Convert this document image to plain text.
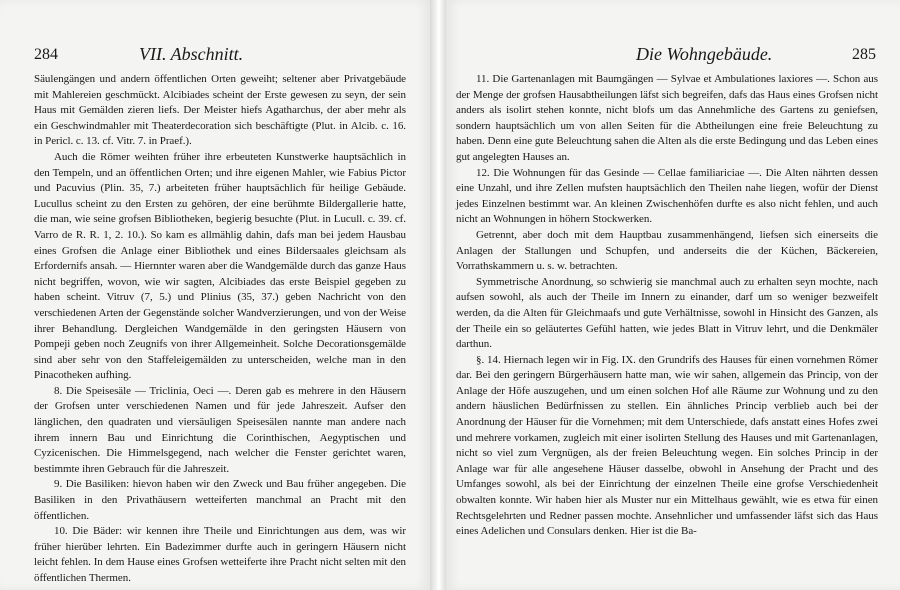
284	VII. Abschnitt.

Säulengängen und andern öffentlichen Orten geweiht; seltener aber Privatgebäude mit Mahlereien geschmückt. Alcibiades scheint der Erste gewesen zu seyn, der sein Haus mit Gemälden zieren liefs. Der Meister hiefs Agatharchus, der aber mehr als ein Geschwindmahler mit Theaterdecoration sich beschäftigte (Plut. in Alcib. c. 16. in Pericl. c. 13. cf. Vitr. 7. in Praef.).

Auch die Römer weihten früher ihre erbeuteten Kunstwerke hauptsächlich in den Tempeln, und an öffentlichen Orten; und ihre eigenen Mahler, wie Fabius Pictor und Pacuvius (Plin. 35, 7.) arbeiteten früher hauptsächlich für heilige Gebäude. Lucullus scheint zu den Ersten zu gehören, der eine berühmte Bildergallerie hatte, die man, wie seine grofsen Bibliotheken, begierig besuchte (Plut. in Lucull. c. 39. cf. Varro de R. R. 1, 2. 10.). So kam es allmählig dahin, dafs man bei jedem Hausbau eines Grofsen die Anlage einer Bibliothek und eines Bildersaales gleichsam als Erfordernifs ansah. — Hiernnter waren aber die Wandgemälde durch das ganze Haus nicht begriffen, wovon, wie wir sagten, Alcibiades das erste Beispiel gegeben zu haben scheint. Vitruv (7, 5.) und Plinius (35, 37.) geben Nachricht von den verschiedenen Arten der Gegenstände solcher Wandverzierungen, und von der Weise ihrer Behandlung. Dergleichen Wandgemälde in den geringsten Häusern von Pompeji geben noch Zeugnifs von ihrer Allgemeinheit. Solche Decorationsgemälde sind aber sehr von den Staffeleigemälden zu unterscheiden, welche man in den Pinacotheken aufhing.

8. Die Speisesäle — Triclinia, Oeci —. Deren gab es mehrere in den Häusern der Grofsen unter verschiedenen Namen und für jede Jahreszeit. Aufser den länglichen, den quadraten und viersäuligen Speisesälen nannte man andere nach ihrem innern Bau und Einrichtung die Corinthischen, Aegyptischen und Cyzicenischen. Die Himmelsgegend, nach welcher die Fenster gerichtet waren, bestimmte ihren Gebrauch für die Jahreszeit.

9. Die Basiliken: hievon haben wir den Zweck und Bau früher angegeben. Die Basiliken in den Privathäusern wetteiferten manchmal an Pracht mit den öffentlichen.

10. Die Bäder: wir kennen ihre Theile und Einrichtungen aus dem, was wir früher hierüber lehrten. Ein Badezimmer durfte auch in geringern Häusern nicht leicht fehlen. In dem Hause eines Grofsen wetteiferte ihre Pracht nicht selten mit den öffentlichen Thermen.

Die Wohngebäude.	285

11. Die Gartenanlagen mit Baumgängen — Sylvae et Ambulationes laxiores —. Schon aus der Menge der grofsen Hausabtheilungen läfst sich begreifen, dafs das Haus eines Grofsen nicht anders als isolirt stehen konnte, nicht blofs um das Annehmliche des Gartens zu geniefsen, sondern hauptsächlich um von allen Seiten für die Abtheilungen eine freie Beleuchtung zu haben. Denn eine gute Beleuchtung sahen die Alten als die erste Bedingung und das Leben eines gut angelegten Hauses an.

12. Die Wohnungen für das Gesinde — Cellae familiariciae —. Die Alten nährten dessen eine Unzahl, und ihre Zellen mufsten hauptsächlich den Theilen nahe liegen, wofür der Dienst jedes Einzelnen bestimmt war. An kleinen Zwischenhöfen durfte es also nicht fehlen, und auch nicht an Wohnungen in höhern Stockwerken.

Getrennt, aber doch mit dem Hauptbau zusammenhängend, liefsen sich einerseits die Anlagen der Stallungen und Schupfen, und anderseits die der Küchen, Bäckereien, Vorrathskammern u. s. w. betrachten.

Symmetrische Anordnung, so schwierig sie manchmal auch zu erhalten seyn mochte, nach aufsen sowohl, als auch der Theile im Innern zu einander, darf um so weniger bezweifelt werden, da die Alten für Gleichmaafs und gute Verhältnisse, sowohl in Hinsicht des Ganzen, als der Theile ein so geläutertes Gefühl hatten, wie jedes Blatt in Vitruv lehrt, und die Denkmäler darthun.

§. 14. Hiernach legen wir in Fig. IX. den Grundrifs des Hauses für einen vornehmen Römer dar. Bei den geringern Bürgerhäusern hatte man, wie wir sahen, allgemein das Princip, von der Anlage der Höfe auszugehen, und um einen solchen Hof alle Räume zur Wohnung und zu den andern häuslichen Bedürfnissen zu stellen. Ein ähnliches Princip verblieb auch bei der Anordnung der Häuser für die Vornehmen; mit dem Unterschiede, dafs anstatt eines Hofes zwei und mehrere vorkamen, zugleich mit einer isolirten Stellung des Hauses und mit Gartenanlagen, nicht so viel zum Vergnügen, als der freien Beleuchtung wegen. Ein solches Princip in der Anlage war für alle angesehene Häuser dasselbe, obwohl in Ansehung der Pracht und des Umfanges sowohl, als bei der Einrichtung der einzelnen Theile eine grofse Verschiedenheit obwalten konnte. Wir haben hier als Muster nur ein Mittelhaus gewählt, wie es etwa für einen Rechtsgelehrten und Redner passen mochte. Ansehnlicher und umfassender läfst sich das Haus eines Adelichen und Consulars denken. Hier ist die Ba-
